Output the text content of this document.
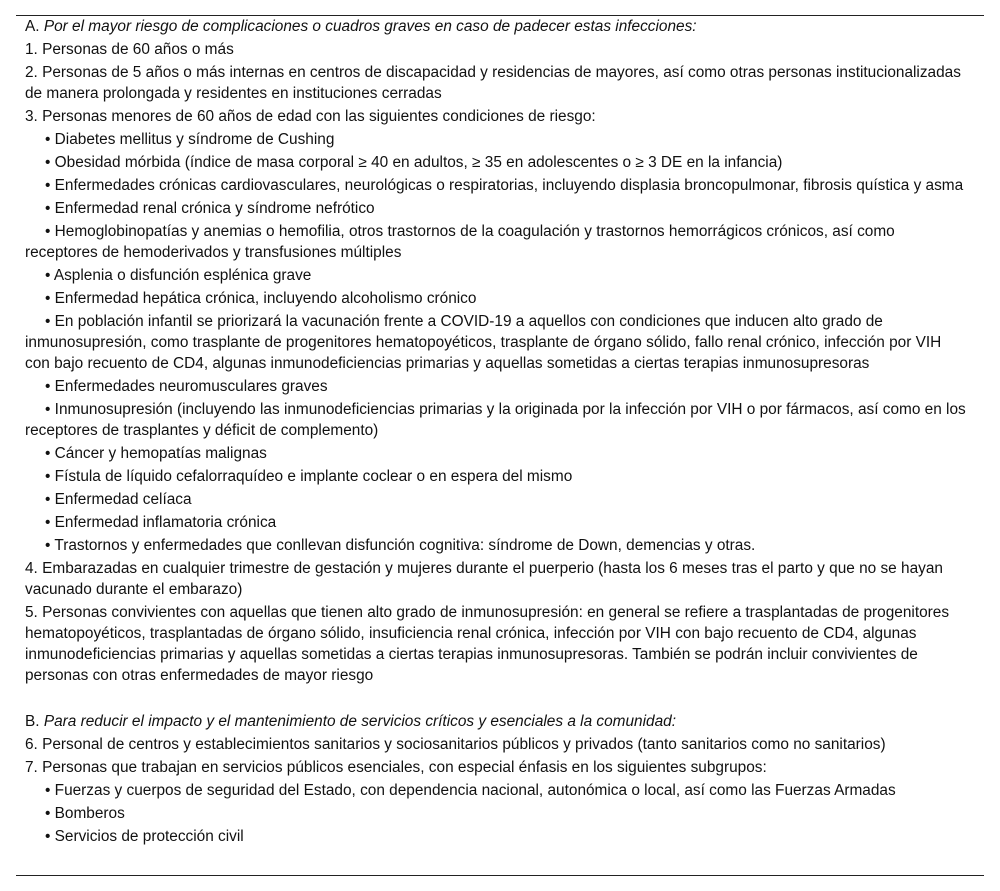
A. Por el mayor riesgo de complicaciones o cuadros graves en caso de padecer estas infecciones:
1. Personas de 60 años o más
2. Personas de 5 años o más internas en centros de discapacidad y residencias de mayores, así como otras personas institucionalizadas de manera prolongada y residentes en instituciones cerradas
3. Personas menores de 60 años de edad con las siguientes condiciones de riesgo:
• Diabetes mellitus y síndrome de Cushing
• Obesidad mórbida (índice de masa corporal ≥ 40 en adultos, ≥ 35 en adolescentes o ≥ 3 DE en la infancia)
• Enfermedades crónicas cardiovasculares, neurológicas o respiratorias, incluyendo displasia broncopulmonar, fibrosis quística y asma
• Enfermedad renal crónica y síndrome nefrótico
• Hemoglobinopatías y anemias o hemofilia, otros trastornos de la coagulación y trastornos hemorrágicos crónicos, así como receptores de hemoderivados y transfusiones múltiples
• Asplenia o disfunción esplénica grave
• Enfermedad hepática crónica, incluyendo alcoholismo crónico
• En población infantil se priorizará la vacunación frente a COVID-19 a aquellos con condiciones que inducen alto grado de inmunosupresión, como trasplante de progenitores hematopoyéticos, trasplante de órgano sólido, fallo renal crónico, infección por VIH con bajo recuento de CD4, algunas inmunodeficiencias primarias y aquellas sometidas a ciertas terapias inmunosupresoras
• Enfermedades neuromusculares graves
• Inmunosupresión (incluyendo las inmunodeficiencias primarias y la originada por la infección por VIH o por fármacos, así como en los receptores de trasplantes y déficit de complemento)
• Cáncer y hemopatías malignas
• Fístula de líquido cefalorraquídeo e implante coclear o en espera del mismo
• Enfermedad celíaca
• Enfermedad inflamatoria crónica
• Trastornos y enfermedades que conllevan disfunción cognitiva: síndrome de Down, demencias y otras.
4. Embarazadas en cualquier trimestre de gestación y mujeres durante el puerperio (hasta los 6 meses tras el parto y que no se hayan vacunado durante el embarazo)
5. Personas convivientes con aquellas que tienen alto grado de inmunosupresión: en general se refiere a trasplantadas de progenitores hematopoyéticos, trasplantadas de órgano sólido, insuficiencia renal crónica, infección por VIH con bajo recuento de CD4, algunas inmunodeficiencias primarias y aquellas sometidas a ciertas terapias inmunosupresoras. También se podrán incluir convivientes de personas con otras enfermedades de mayor riesgo
B. Para reducir el impacto y el mantenimiento de servicios críticos y esenciales a la comunidad:
6. Personal de centros y establecimientos sanitarios y sociosanitarios públicos y privados (tanto sanitarios como no sanitarios)
7. Personas que trabajan en servicios públicos esenciales, con especial énfasis en los siguientes subgrupos:
• Fuerzas y cuerpos de seguridad del Estado, con dependencia nacional, autonómica o local, así como las Fuerzas Armadas
• Bomberos
• Servicios de protección civil
